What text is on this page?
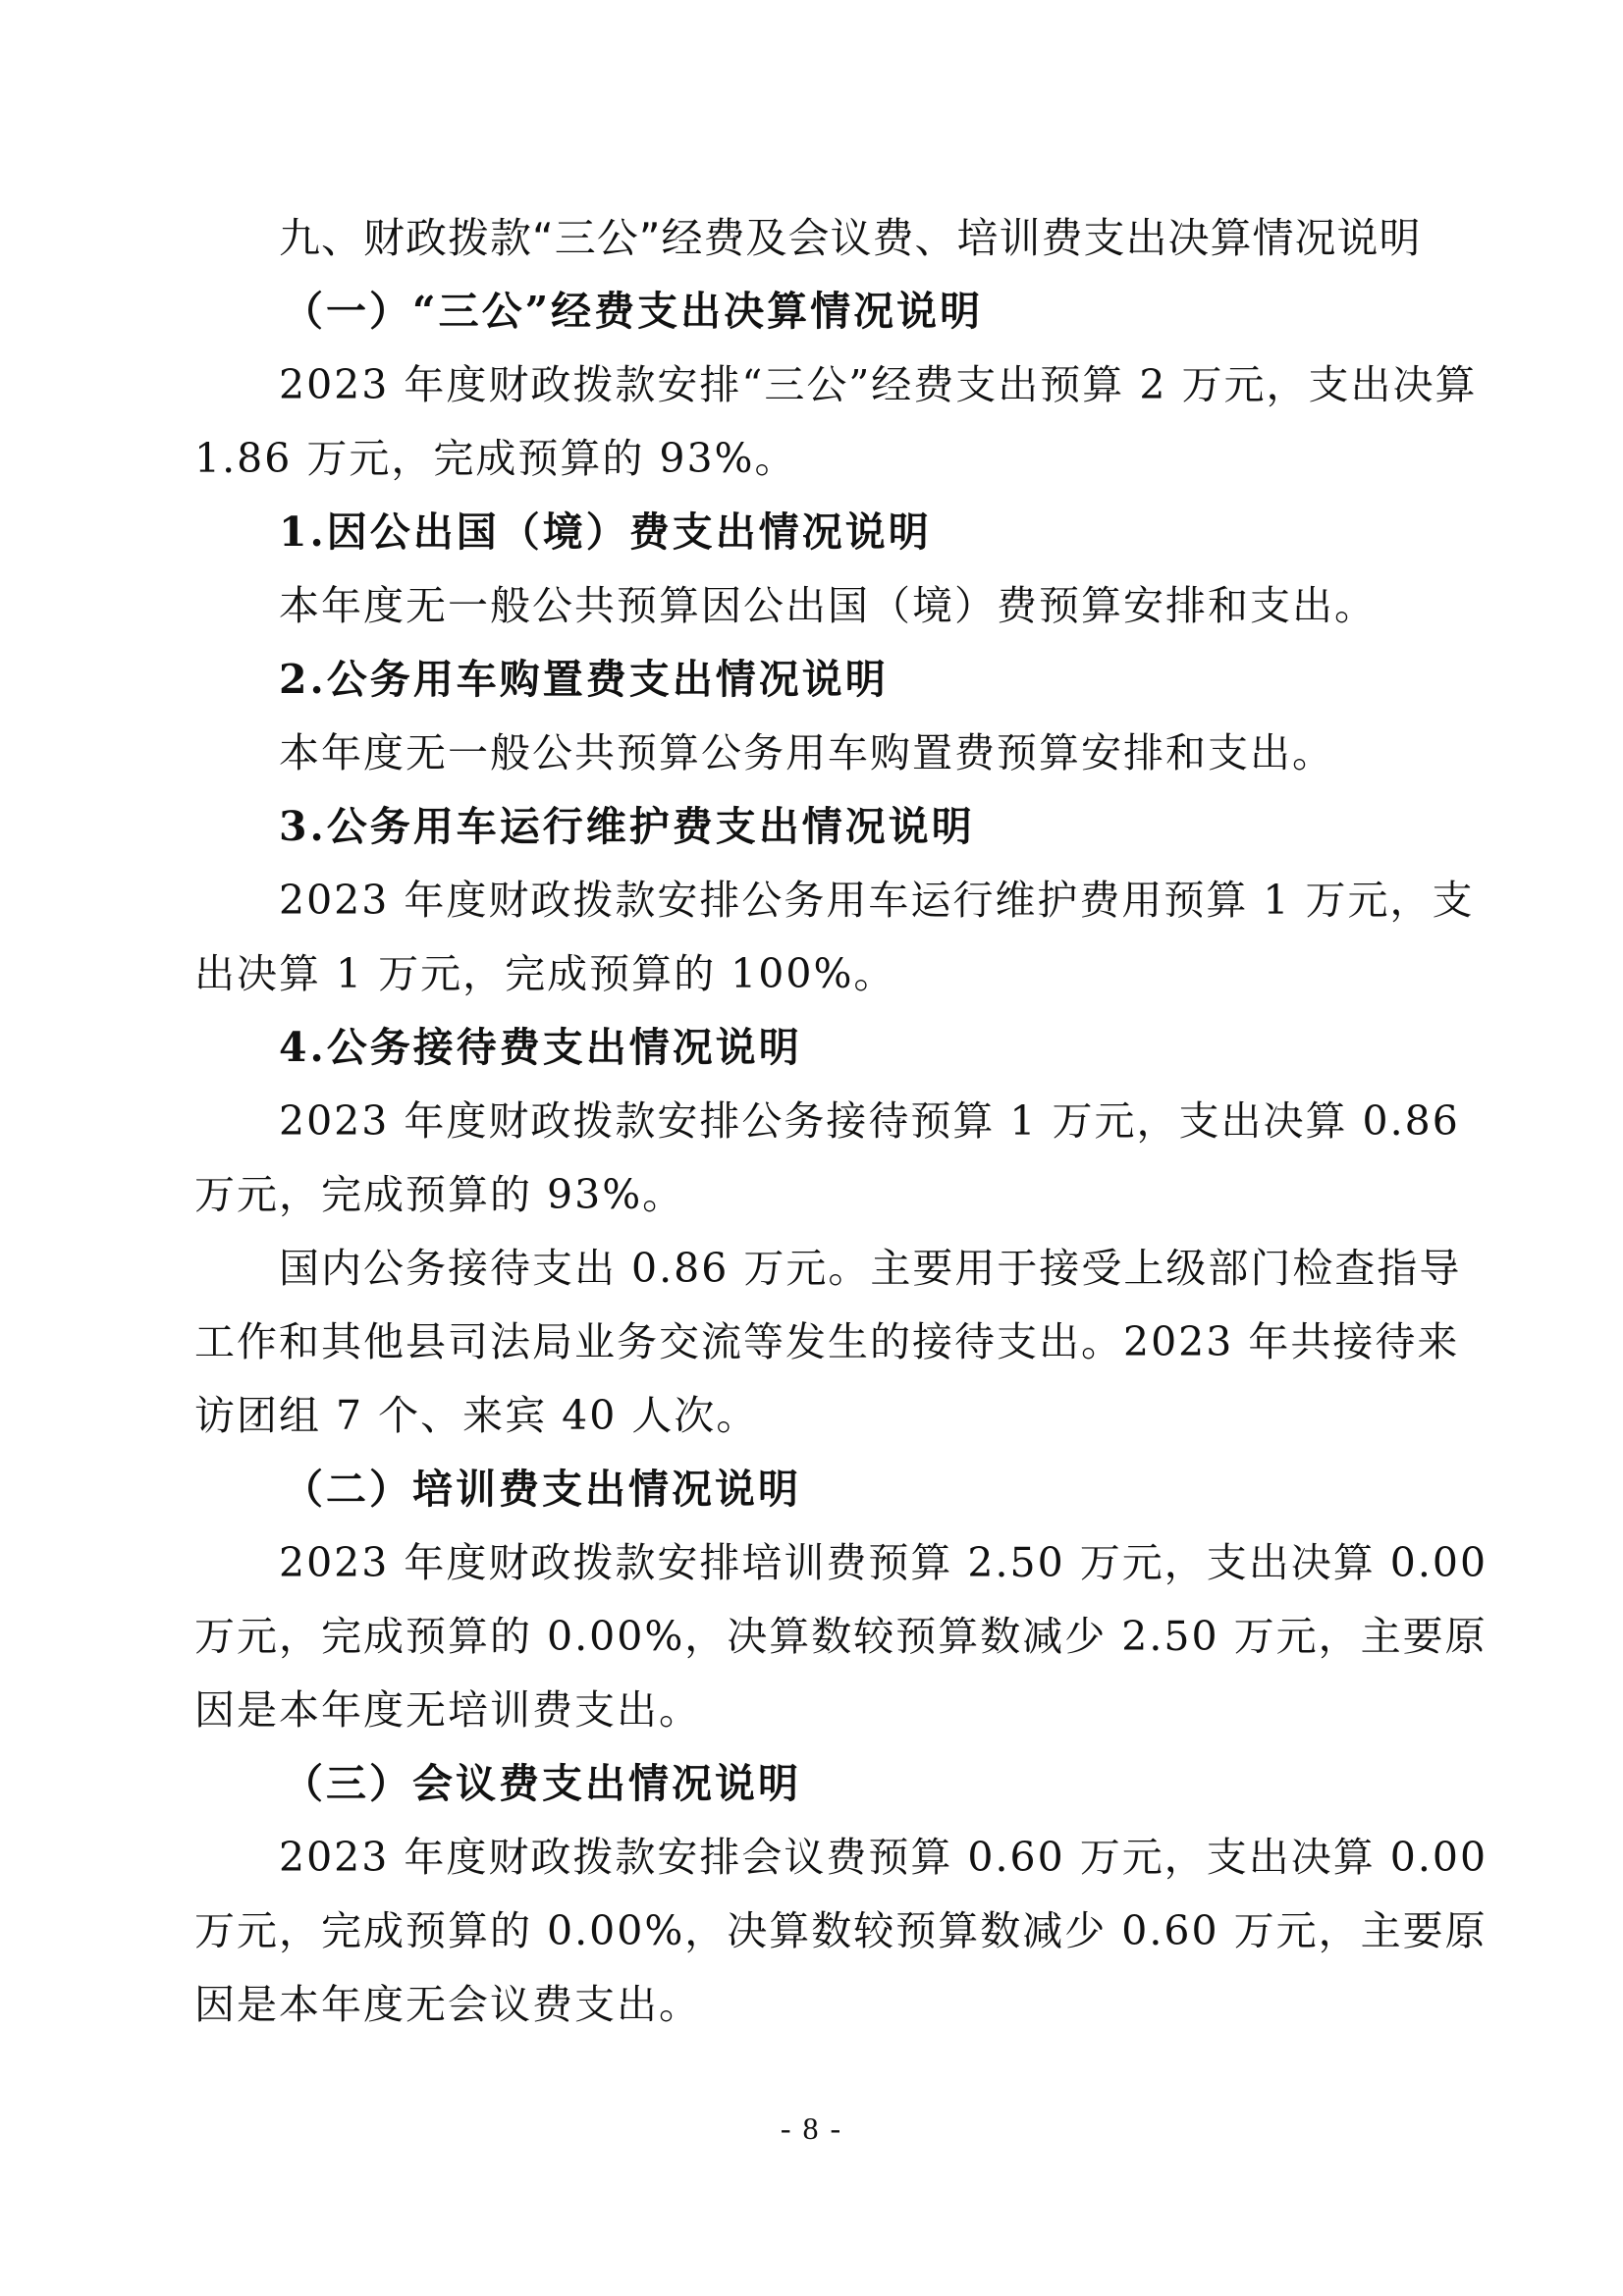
九、财政拨款“三公”经费及会议费、培训费支出决算情况说明
（一）“三公”经费支出决算情况说明
2023 年度财政拨款安排“三公”经费支出预算 2 万元，支出决算
1.86 万元，完成预算的 93%。
1.因公出国（境）费支出情况说明
本年度无一般公共预算因公出国（境）费预算安排和支出。
2.公务用车购置费支出情况说明
本年度无一般公共预算公务用车购置费预算安排和支出。
3.公务用车运行维护费支出情况说明
2023 年度财政拨款安排公务用车运行维护费用预算 1 万元，支
出决算 1 万元，完成预算的 100%。
4.公务接待费支出情况说明
2023 年度财政拨款安排公务接待预算 1 万元，支出决算 0.86
万元，完成预算的 93%。
国内公务接待支出 0.86 万元。主要用于接受上级部门检查指导
工作和其他县司法局业务交流等发生的接待支出。2023 年共接待来
访团组 7 个、来宾 40 人次。
（二）培训费支出情况说明
2023 年度财政拨款安排培训费预算 2.50 万元，支出决算 0.00
万元，完成预算的 0.00%，决算数较预算数减少 2.50 万元，主要原
因是本年度无培训费支出。
（三）会议费支出情况说明
2023 年度财政拨款安排会议费预算 0.60 万元，支出决算 0.00
万元，完成预算的 0.00%，决算数较预算数减少 0.60 万元，主要原
因是本年度无会议费支出。
- 8 -
